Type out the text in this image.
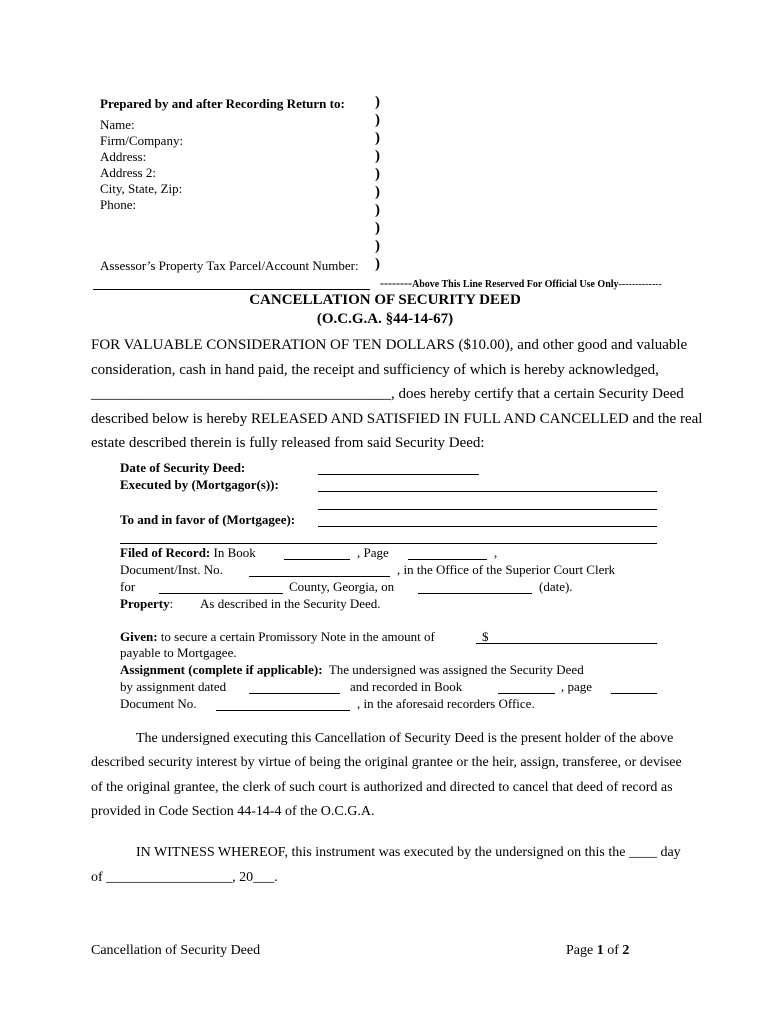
Prepared by and after Recording Return to:
Name:
Firm/Company:
Address:
Address 2:
City, State, Zip:
Phone:
Assessor’s Property Tax Parcel/Account Number:
)
)
)
)
)
)
)
)
)
)
--------Above This Line Reserved For Official Use Only-------------
CANCELLATION OF SECURITY DEED
(O.C.G.A. §44-14-67)
FOR VALUABLE CONSIDERATION OF TEN DOLLARS ($10.00), and other good and valuable
consideration, cash in hand paid, the receipt and sufficiency of which is hereby acknowledged,
________________________________________, does hereby certify that a certain Security Deed
described below is hereby RELEASED AND SATISFIED IN FULL AND CANCELLED and the real
estate described therein is fully released from said Security Deed:
Date of Security Deed:
Executed by (Mortgagor(s)):
To and in favor of (Mortgagee):
Filed of Record: In Book	, Page	,
Document/Inst. No.	, in the Office of the Superior Court Clerk
for	County, Georgia, on	(date).
Property: As described in the Security Deed.
Given: to secure a certain Promissory Note in the amount of	$
payable to Mortgagee.
Assignment (complete if applicable): The undersigned was assigned the Security Deed
by assignment dated	and recorded in Book	, page
Document No.	, in the aforesaid recorders Office.
The undersigned executing this Cancellation of Security Deed is the present holder of the above
described security interest by virtue of being the original grantee or the heir, assign, transferee, or devisee
of the original grantee, the clerk of such court is authorized and directed to cancel that deed of record as
provided in Code Section 44-14-4 of the O.C.G.A.
IN WITNESS WHEREOF, this instrument was executed by the undersigned on this the ____ day
of __________________, 20___.
Cancellation of Security Deed	Page 1 of 2
